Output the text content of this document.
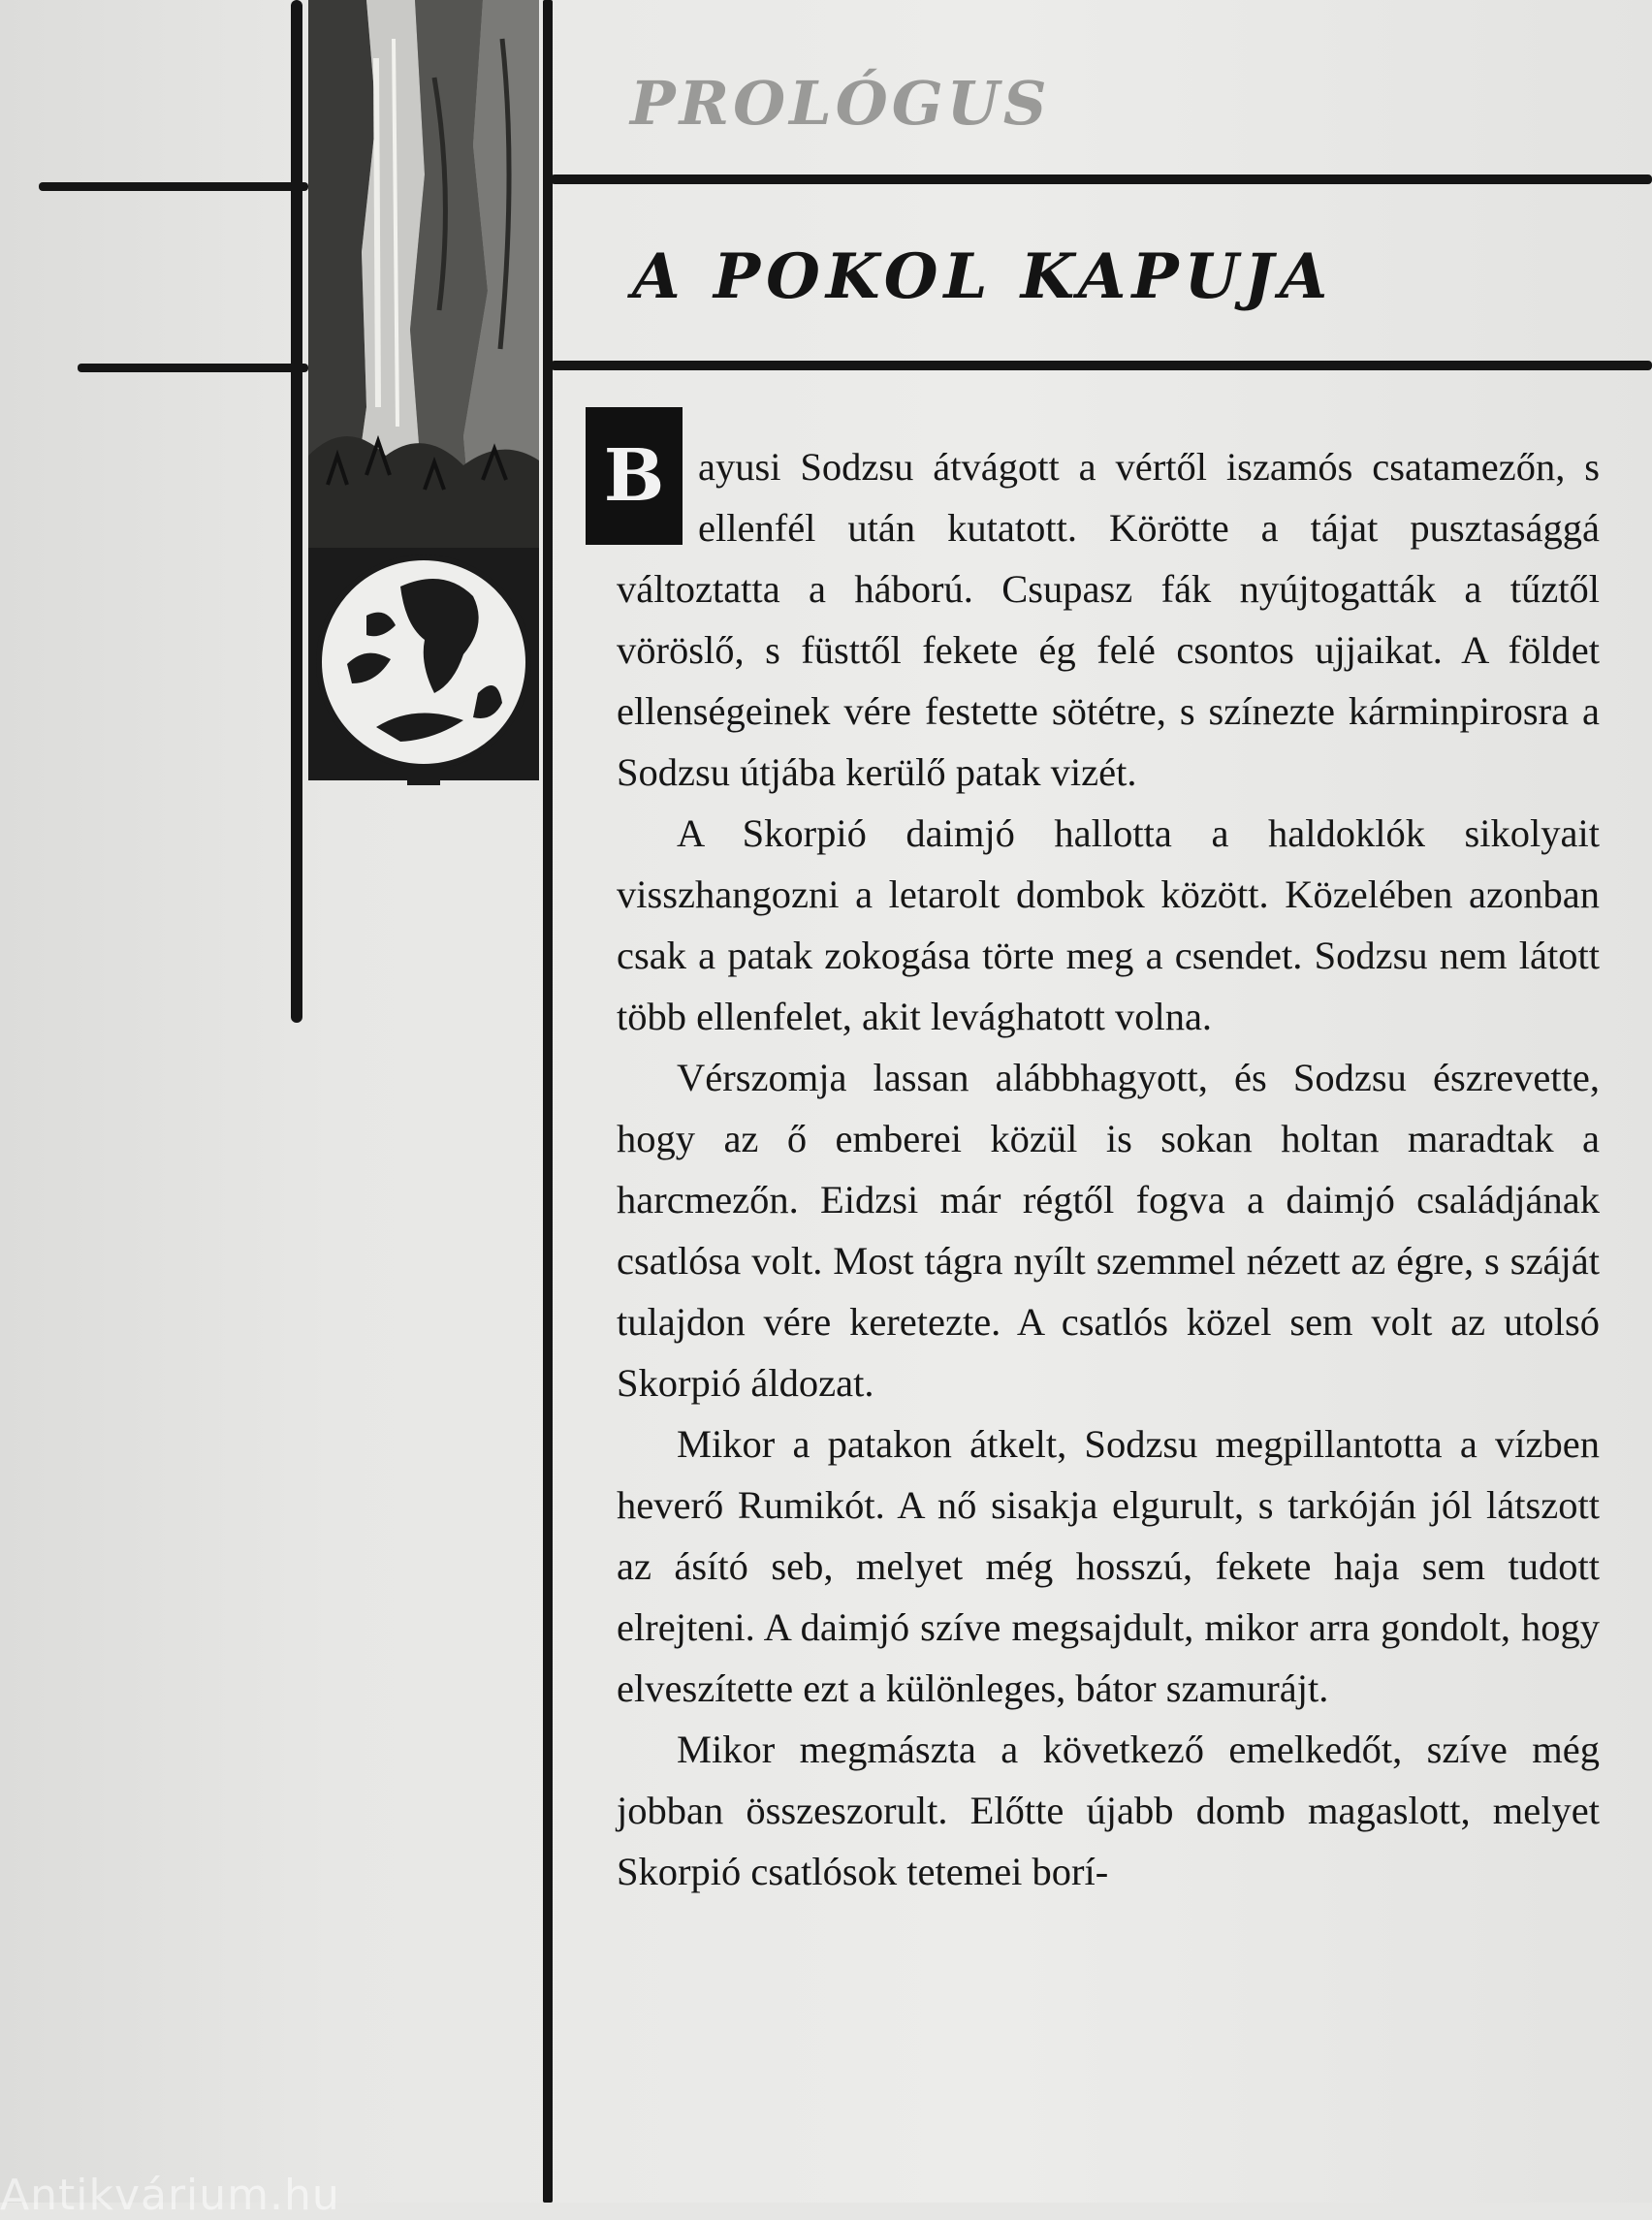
PROLÓGUS
A POKOL KAPUJA

B ayusi Sodzsu átvágott a vértől iszamós csatamezőn, s ellenfél után kutatott. Körötte a tájat pusztasággá változtatta a háború. Csupasz fák nyújtogatták a tűztől vöröslő, s füsttől fekete ég felé csontos ujjaikat. A földet ellenségeinek vére festette sötétre, s színezte kárminpirosra a Sodzsu útjába kerülő patak vizét.

A Skorpió daimjó hallotta a haldoklók sikolyait visszhangozni a letarolt dombok között. Közelében azonban csak a patak zokogása törte meg a csendet. Sodzsu nem látott több ellenfelet, akit levághatott volna.

Vérszomja lassan alábbhagyott, és Sodzsu észrevette, hogy az ő emberei közül is sokan holtan maradtak a harcmezőn. Eidzsi már régtől fogva a daimjó családjának csatlósa volt. Most tágra nyílt szemmel nézett az égre, s száját tulajdon vére keretezte. A csatlós közel sem volt az utolsó Skorpió áldozat.

Mikor a patakon átkelt, Sodzsu megpillantotta a vízben heverő Rumikót. A nő sisakja elgurult, s tarkóján jól látszott az ásító seb, melyet még hosszú, fekete haja sem tudott elrejteni. A daimjó szíve megsajdult, mikor arra gondolt, hogy elveszítette ezt a különleges, bátor szamurájt.

Mikor megmászta a következő emelkedőt, szíve még jobban összeszorult. Előtte újabb domb magaslott, melyet Skorpió csatlósok tetemei borí-

Antikvárium.hu
